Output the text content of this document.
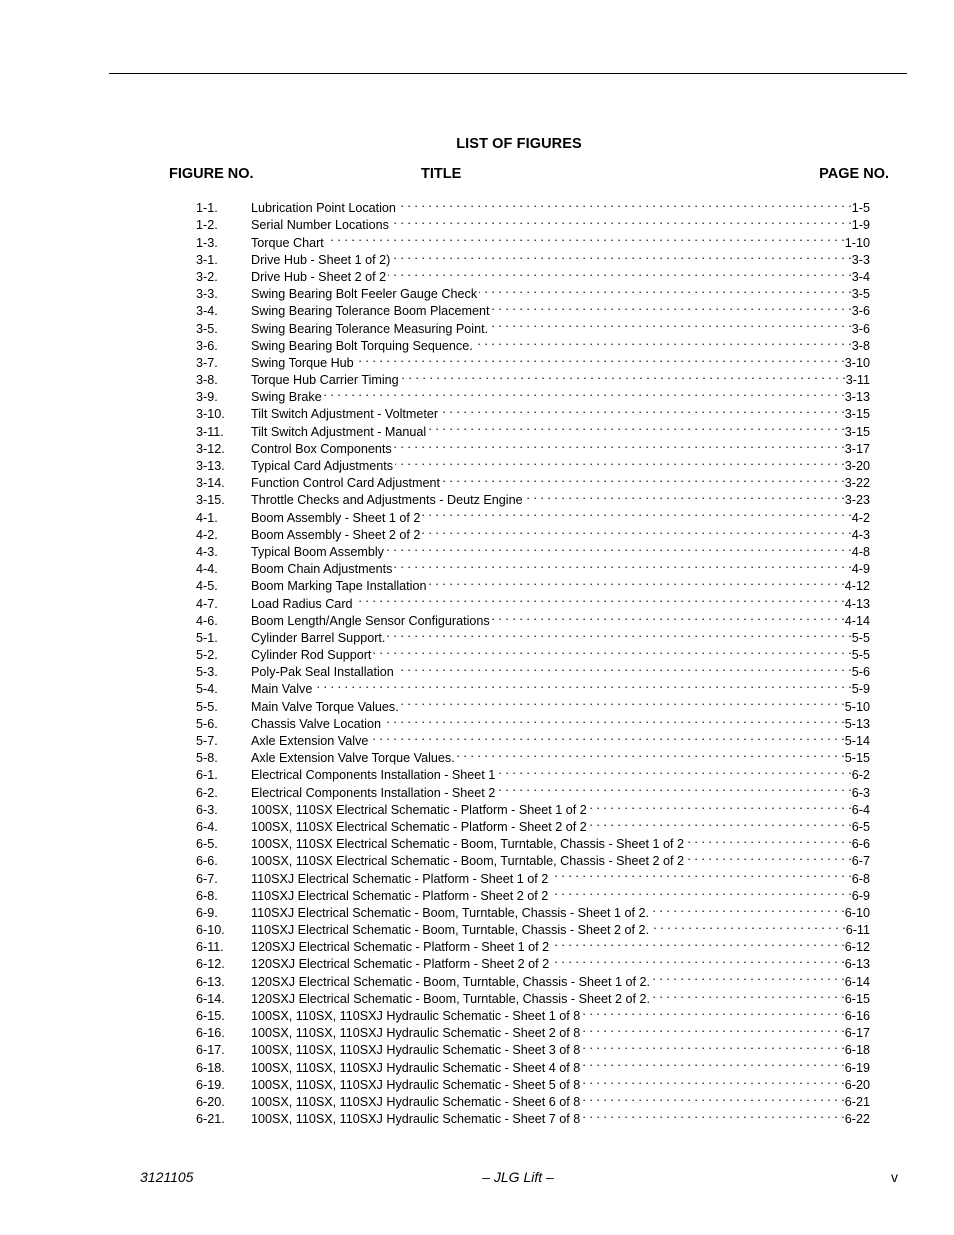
LIST OF FIGURES
FIGURE NO.	TITLE	PAGE NO.
1-1.	Lubrication Point Location . . .	1-5
1-2.	Serial Number Locations . . .	1-9
1-3.	Torque Chart . . .	1-10
3-1.	Drive Hub - Sheet 1 of 2) . . .	3-3
3-2.	Drive Hub - Sheet 2 of 2 . . .	3-4
3-3.	Swing Bearing Bolt Feeler Gauge Check . . .	3-5
3-4.	Swing Bearing Tolerance Boom Placement . . .	3-6
3-5.	Swing Bearing Tolerance Measuring Point. . . .	3-6
3-6.	Swing Bearing Bolt Torquing Sequence. . . .	3-8
3-7.	Swing Torque Hub . . .	3-10
3-8.	Torque Hub Carrier Timing . . .	3-11
3-9.	Swing Brake . . .	3-13
3-10.	Tilt Switch Adjustment - Voltmeter . . .	3-15
3-11.	Tilt Switch Adjustment - Manual . . .	3-15
3-12.	Control Box Components . . .	3-17
3-13.	Typical Card Adjustments . . .	3-20
3-14.	Function Control Card Adjustment . . .	3-22
3-15.	Throttle Checks and Adjustments - Deutz Engine . . .	3-23
4-1.	Boom Assembly - Sheet 1 of 2 . . .	4-2
4-2.	Boom Assembly - Sheet 2 of 2 . . .	4-3
4-3.	Typical Boom Assembly . . .	4-8
4-4.	Boom Chain Adjustments . . .	4-9
4-5.	Boom Marking Tape Installation . . .	4-12
4-7.	Load Radius Card . . .	4-13
4-6.	Boom Length/Angle Sensor Configurations . . .	4-14
5-1.	Cylinder Barrel Support. . . .	5-5
5-2.	Cylinder Rod Support . . .	5-5
5-3.	Poly-Pak Seal Installation . . .	5-6
5-4.	Main Valve . . .	5-9
5-5.	Main Valve Torque Values. . . .	5-10
5-6.	Chassis Valve Location . . .	5-13
5-7.	Axle Extension Valve . . .	5-14
5-8.	Axle Extension Valve Torque Values. . . .	5-15
6-1.	Electrical Components Installation - Sheet 1 . . .	6-2
6-2.	Electrical Components Installation - Sheet 2 . . .	6-3
6-3.	100SX, 110SX Electrical Schematic - Platform - Sheet 1 of 2 . . .	6-4
6-4.	100SX, 110SX Electrical Schematic - Platform - Sheet 2 of 2 . . .	6-5
6-5.	100SX, 110SX Electrical Schematic - Boom, Turntable, Chassis - Sheet 1 of 2 . . .	6-6
6-6.	100SX, 110SX Electrical Schematic - Boom, Turntable, Chassis - Sheet 2 of 2 . . .	6-7
6-7.	110SXJ Electrical Schematic - Platform - Sheet 1 of 2 . . .	6-8
6-8.	110SXJ Electrical Schematic - Platform - Sheet 2 of 2 . . .	6-9
6-9.	110SXJ Electrical Schematic - Boom, Turntable, Chassis - Sheet 1 of 2. . . .	6-10
6-10.	110SXJ Electrical Schematic - Boom, Turntable, Chassis - Sheet 2 of 2. . . .	6-11
6-11.	120SXJ Electrical Schematic - Platform - Sheet 1 of 2 . . .	6-12
6-12.	120SXJ Electrical Schematic - Platform - Sheet 2 of 2 . . .	6-13
6-13.	120SXJ Electrical Schematic - Boom, Turntable, Chassis - Sheet 1 of 2. . . .	6-14
6-14.	120SXJ Electrical Schematic - Boom, Turntable, Chassis - Sheet 2 of 2. . . .	6-15
6-15.	100SX, 110SX, 110SXJ Hydraulic Schematic - Sheet 1 of 8 . . .	6-16
6-16.	100SX, 110SX, 110SXJ Hydraulic Schematic - Sheet 2 of 8 . . .	6-17
6-17.	100SX, 110SX, 110SXJ Hydraulic Schematic - Sheet 3 of 8 . . .	6-18
6-18.	100SX, 110SX, 110SXJ Hydraulic Schematic - Sheet 4 of 8 . . .	6-19
6-19.	100SX, 110SX, 110SXJ Hydraulic Schematic - Sheet 5 of 8 . . .	6-20
6-20.	100SX, 110SX, 110SXJ Hydraulic Schematic - Sheet 6 of 8 . . .	6-21
6-21.	100SX, 110SX, 110SXJ Hydraulic Schematic - Sheet 7 of 8 . . .	6-22
3121105	– JLG Lift –	v
